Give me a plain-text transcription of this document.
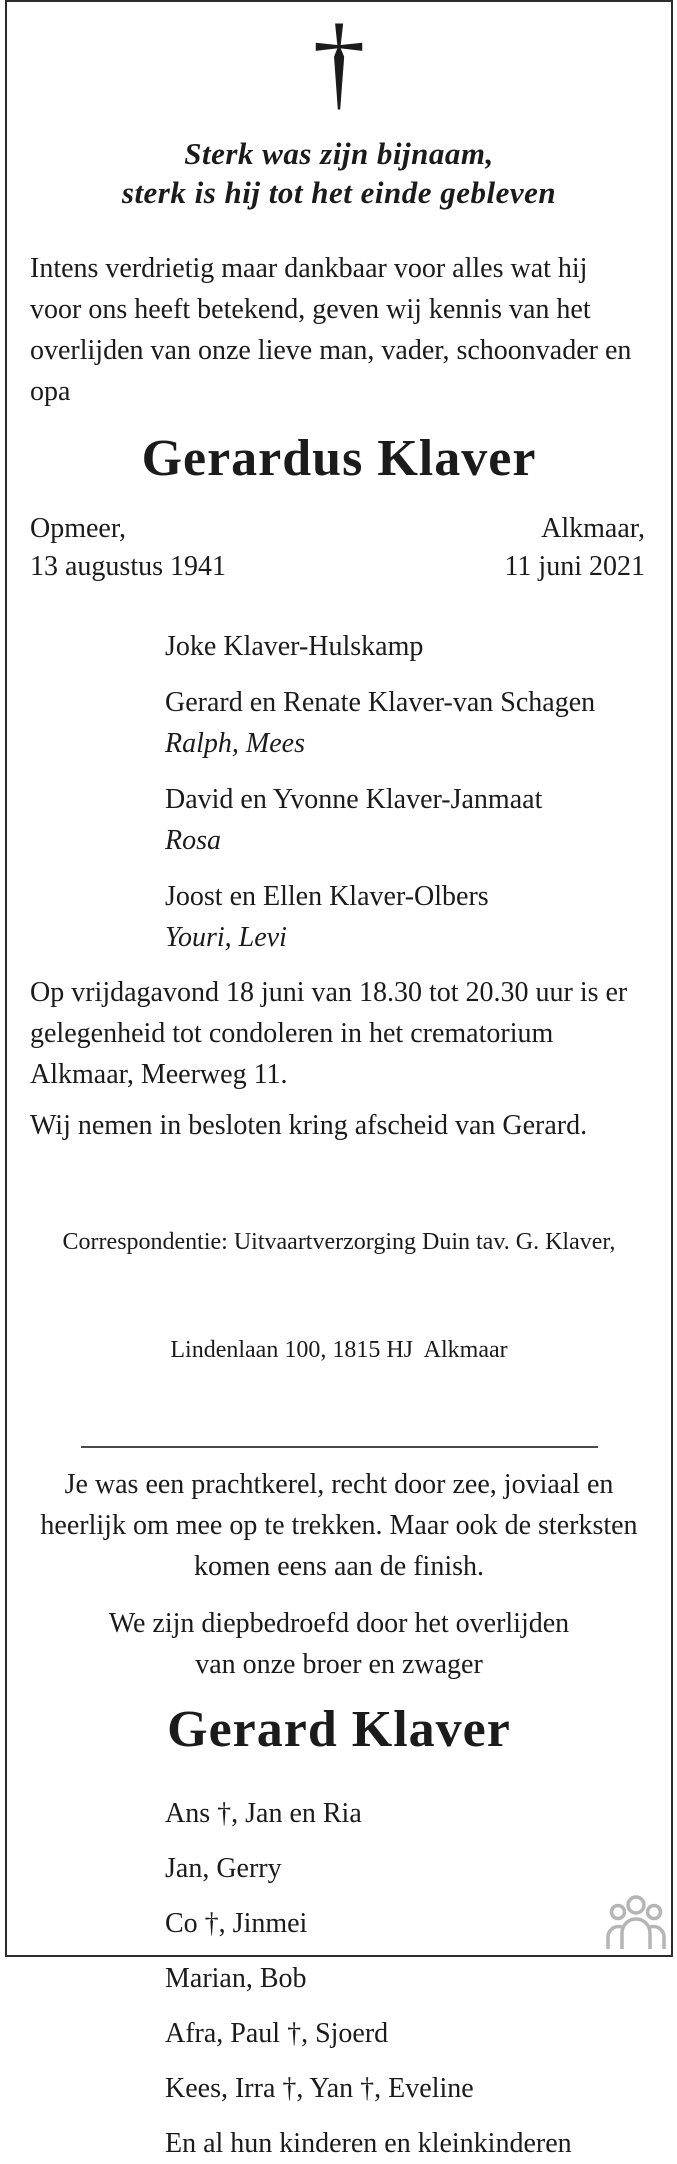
†
Sterk was zijn bijnaam,
sterk is hij tot het einde gebleven
Intens verdrietig maar dankbaar voor alles wat hij voor ons heeft betekend, geven wij kennis van het overlijden van onze lieve man, vader, schoonvader en opa
Gerardus Klaver
Opmeer,
13 augustus 1941
Alkmaar,
11 juni 2021
Joke Klaver-Hulskamp
Gerard en Renate Klaver-van Schagen
Ralph, Mees
David en Yvonne Klaver-Janmaat
Rosa
Joost en Ellen Klaver-Olbers
Youri, Levi
Op vrijdagavond 18 juni van 18.30 tot 20.30 uur is er gelegenheid tot condoleren in het crematorium Alkmaar, Meerweg 11.
Wij nemen in besloten kring afscheid van Gerard.

Correspondentie: Uitvaartverzorging Duin tav. G. Klaver,

Lindenlaan 100, 1815 HJ  Alkmaar

Je was een prachtkerel, recht door zee, joviaal en heerlijk om mee op te trekken. Maar ook de sterksten komen eens aan de finish.
We zijn diepbedroefd door het overlijden
van onze broer en zwager
Gerard Klaver
Ans †, Jan en Ria
Jan, Gerry
Co †, Jinmei
Marian, Bob
Afra, Paul †, Sjoerd
Kees, Irra †, Yan †, Eveline
En al hun kinderen en kleinkinderen
